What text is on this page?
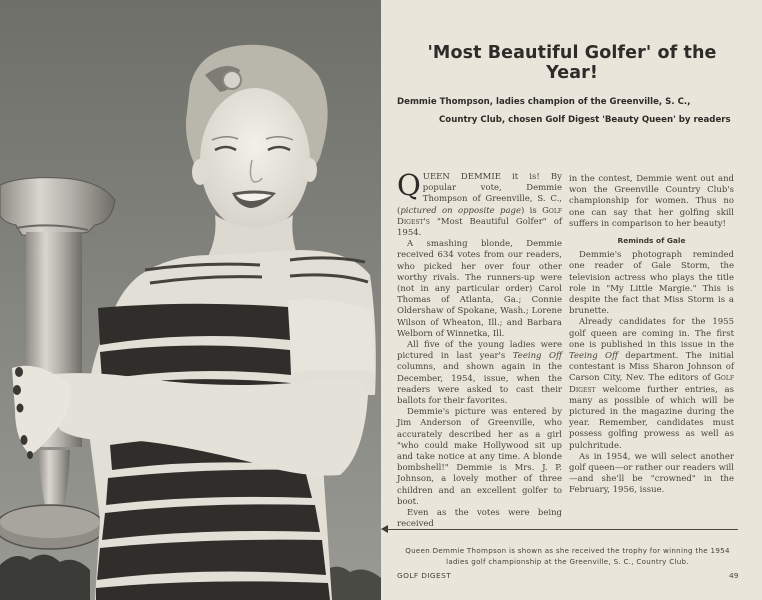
'Most Beautiful Golfer' of the Year!
Demmie Thompson, ladies champion of the Greenville, S. C.,
Country Club, chosen Golf Digest 'Beauty Queen' by readers

QUEEN DEMMIE it is! By popular vote, Demmie Thompson of Greenville, S. C., (pictured on opposite page) is Golf Digest's "Most Beautiful Golfer" of 1954.

A smashing blonde, Demmie received 634 votes from our readers, who picked her over four other worthy rivals. The runners-up were (not in any particular order) Carol Thomas of Atlanta, Ga.; Connie Oldershaw of Spokane, Wash.; Lorene Wilson of Wheaton, Ill.; and Barbara Welborn of Winnetka, Ill.

All five of the young ladies were pictured in last year's Teeing Off columns, and shown again in the December, 1954, issue, when the readers were asked to cast their ballots for their favorites.

Demmie's picture was entered by Jim Anderson of Greenville, who accurately described her as a girl "who could make Hollywood sit up and take notice at any time. A blonde bombshell!" Demmie is Mrs. J. P. Johnson, a lovely mother of three children and an excellent golfer to boot.

Even as the votes were being received

in the contest, Demmie went out and won the Greenville Country Club's championship for women. Thus no one can say that her golfing skill suffers in comparison to her beauty!

Reminds of Gale

Demmie's photograph reminded one reader of Gale Storm, the television actress who plays the title role in "My Little Margie." This is despite the fact that Miss Storm is a brunette.

Already candidates for the 1955 golf queen are coming in. The first one is published in this issue in the Teeing Off department. The initial contestant is Miss Sharon Johnson of Carson City, Nev. The editors of Golf Digest welcome further entries, as many as possible of which will be pictured in the magazine during the year. Remember, candidates must possess golfing prowess as well as pulchritude.

As in 1954, we will select another golf queen—or rather our readers will—and she'll be "crowned" in the February, 1956, issue.

Queen Demmie Thompson is shown as she received the trophy for winning the 1954
ladies golf championship at the Greenville, S. C., Country Club.
GOLF DIGEST	49
